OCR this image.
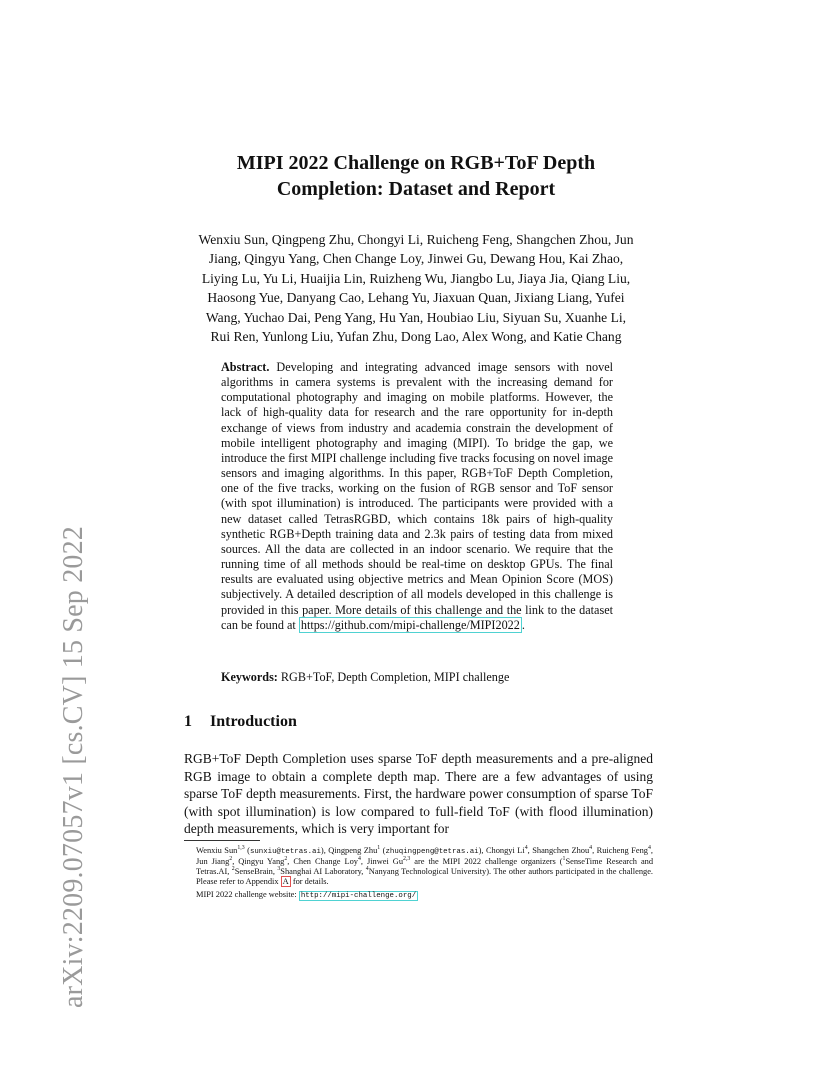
arXiv:2209.07057v1 [cs.CV] 15 Sep 2022
MIPI 2022 Challenge on RGB+ToF Depth
Completion: Dataset and Report
Wenxiu Sun, Qingpeng Zhu, Chongyi Li, Ruicheng Feng, Shangchen Zhou, Jun
Jiang, Qingyu Yang, Chen Change Loy, Jinwei Gu, Dewang Hou, Kai Zhao,
Liying Lu, Yu Li, Huaijia Lin, Ruizheng Wu, Jiangbo Lu, Jiaya Jia, Qiang Liu,
Haosong Yue, Danyang Cao, Lehang Yu, Jiaxuan Quan, Jixiang Liang, Yufei
Wang, Yuchao Dai, Peng Yang, Hu Yan, Houbiao Liu, Siyuan Su, Xuanhe Li,
Rui Ren, Yunlong Liu, Yufan Zhu, Dong Lao, Alex Wong, and Katie Chang
Abstract. Developing and integrating advanced image sensors with novel algorithms in camera systems is prevalent with the increasing demand for computational photography and imaging on mobile platforms. However, the lack of high-quality data for research and the rare opportunity for in-depth exchange of views from industry and academia constrain the development of mobile intelligent photography and imaging (MIPI). To bridge the gap, we introduce the first MIPI challenge including five tracks focusing on novel image sensors and imaging algorithms. In this paper, RGB+ToF Depth Completion, one of the five tracks, working on the fusion of RGB sensor and ToF sensor (with spot illumination) is introduced. The participants were provided with a new dataset called TetrasRGBD, which contains 18k pairs of high-quality synthetic RGB+Depth training data and 2.3k pairs of testing data from mixed sources. All the data are collected in an indoor scenario. We require that the running time of all methods should be real-time on desktop GPUs. The final results are evaluated using objective metrics and Mean Opinion Score (MOS) subjectively. A detailed description of all models developed in this challenge is provided in this paper. More details of this challenge and the link to the dataset can be found at https://github.com/mipi-challenge/MIPI2022 .
Keywords: RGB+ToF, Depth Completion, MIPI challenge
1 Introduction
RGB+ToF Depth Completion uses sparse ToF depth measurements and a pre-aligned RGB image to obtain a complete depth map. There are a few advantages of using sparse ToF depth measurements. First, the hardware power consumption of sparse ToF (with spot illumination) is low compared to full-field ToF (with flood illumination) depth measurements, which is very important for
Wenxiu Sun$^{1,3}$ (sunxiu@tetras.ai), Qingpeng Zhu$^1$ (zhuqingpeng@tetras.ai), Chongyi Li$^4$, Shangchen Zhou$^4$, Ruicheng Feng$^4$, Jun Jiang$^2$, Qingyu Yang$^2$, Chen Change Loy$^4$, Jinwei Gu$^{2,3}$ are the MIPI 2022 challenge organizers ($^1$SenseTime Research and Tetras.AI, $^2$SenseBrain, $^3$Shanghai AI Laboratory, $^4$Nanyang Technological University). The other authors participated in the challenge. Please refer to Appendix A for details.
MIPI 2022 challenge website: http://mipi-challenge.org/
